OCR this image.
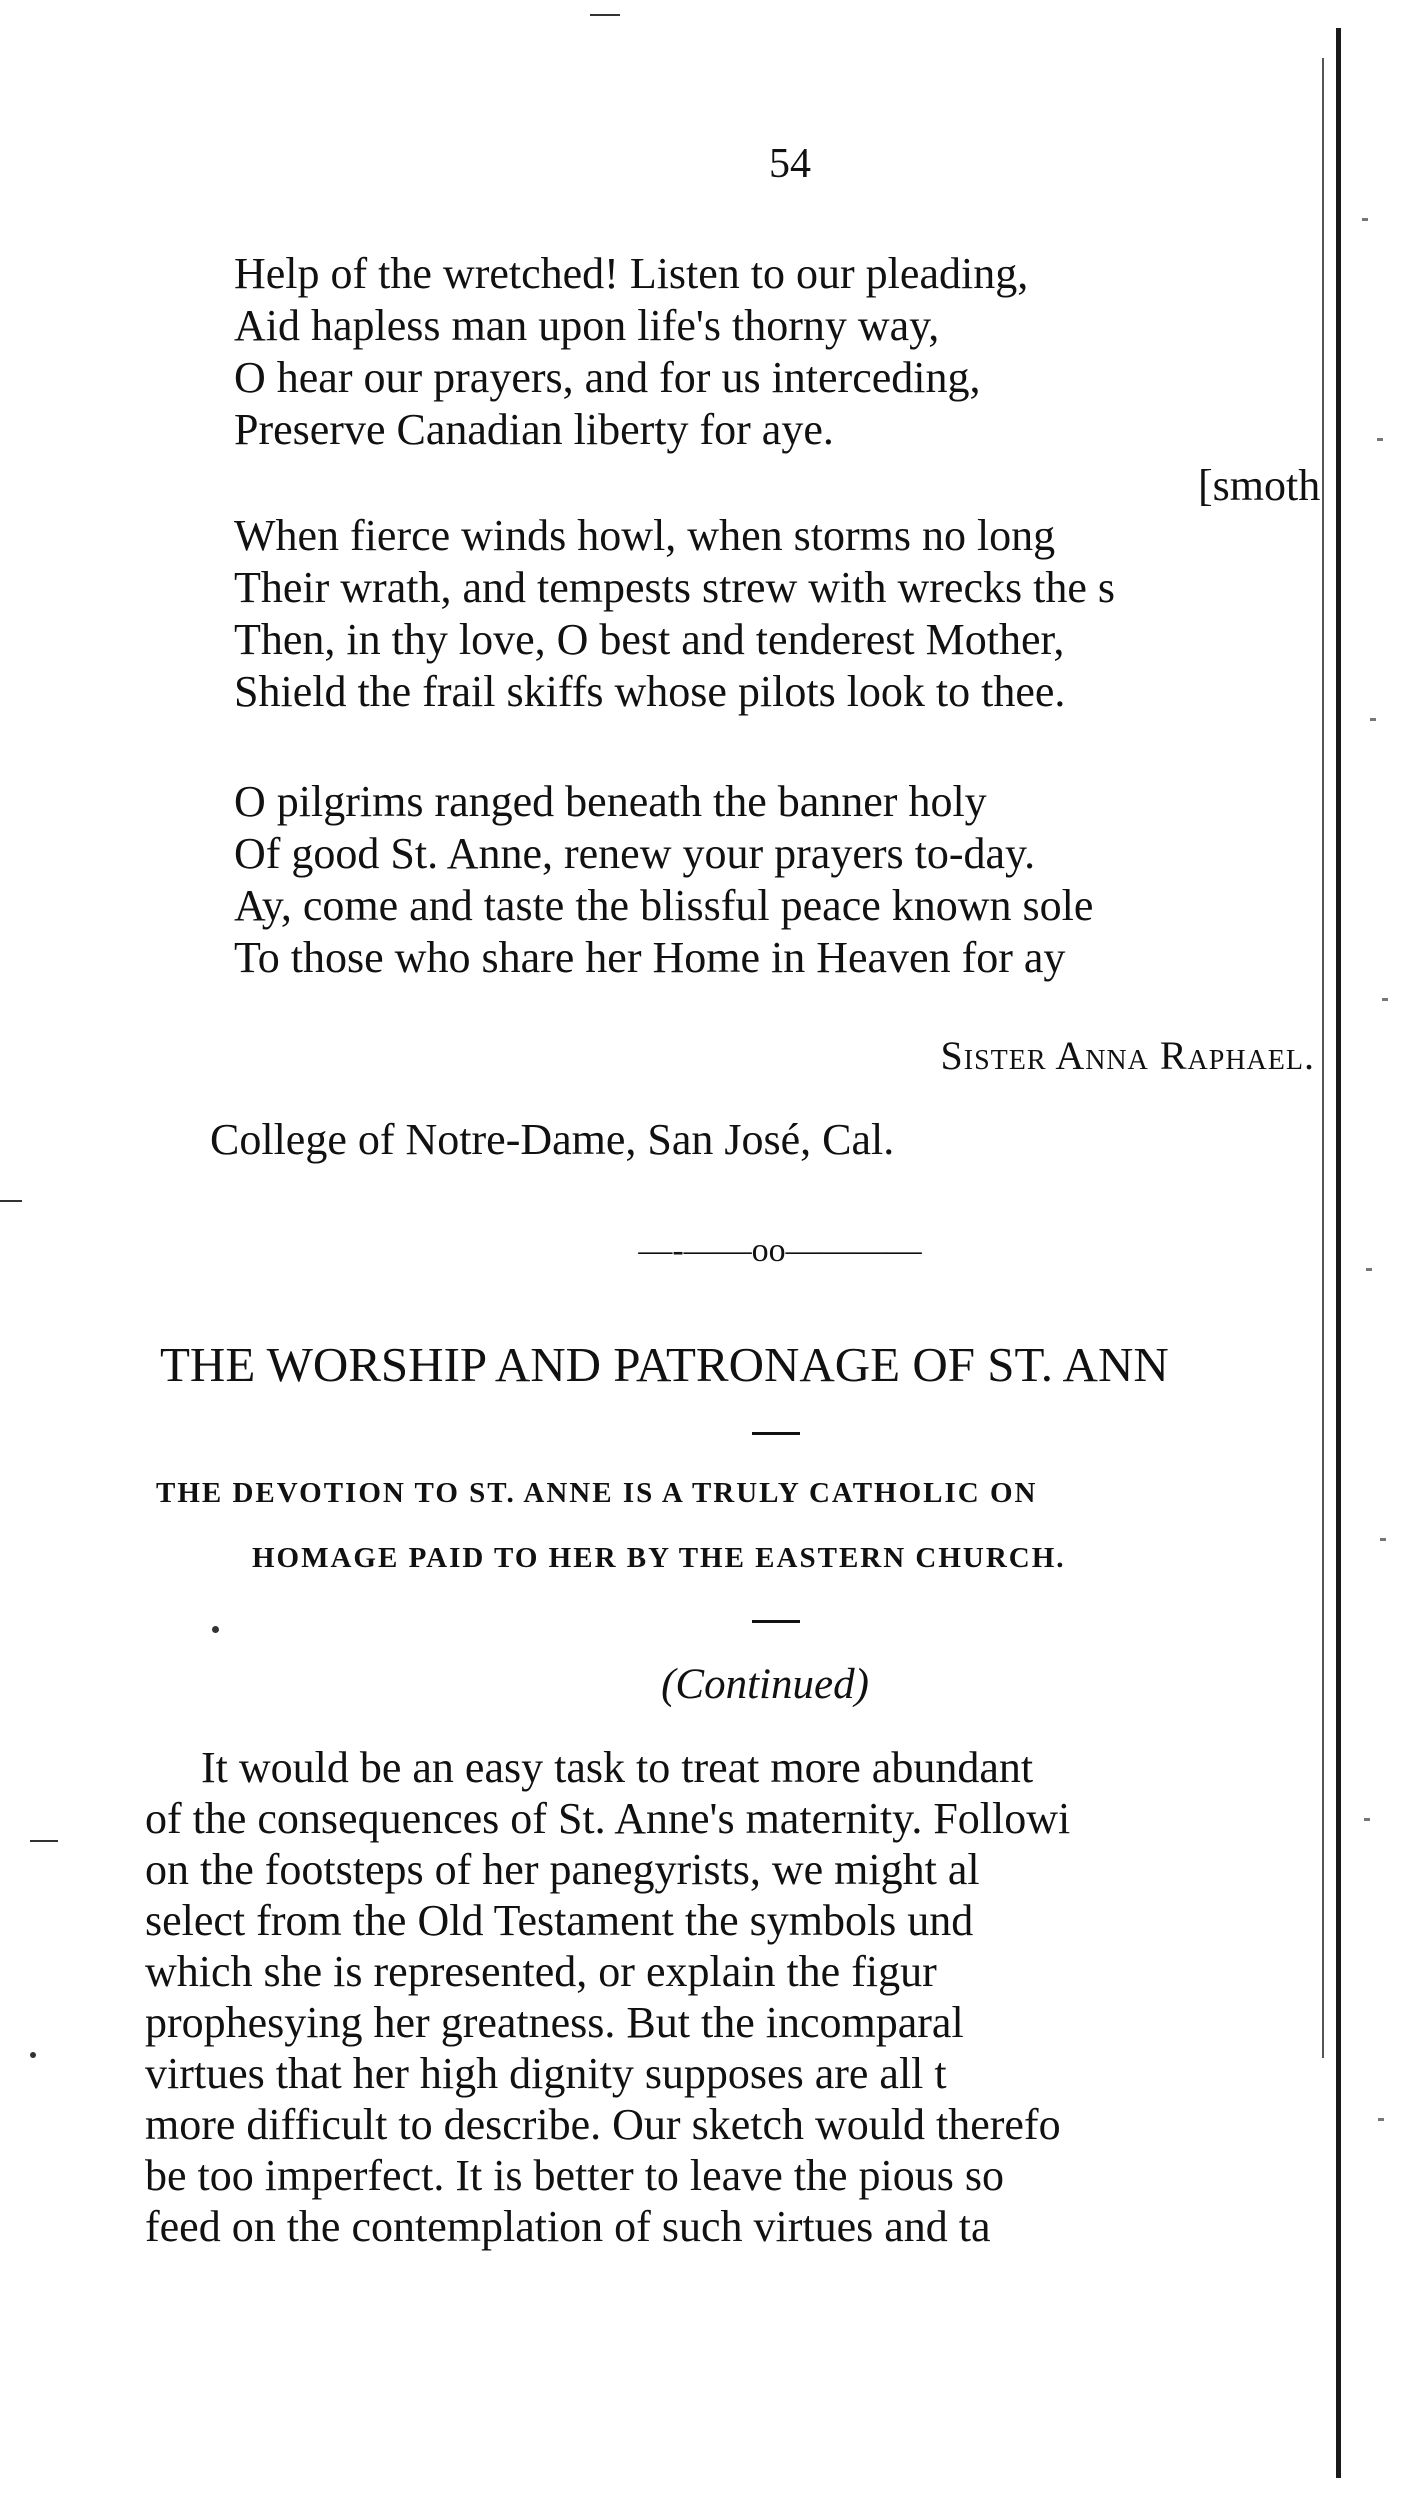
54
Help of the wretched! Listen to our pleading,
Aid hapless man upon life's thorny way,
O hear our prayers, and for us interceding,
Preserve Canadian liberty for aye.
[smoth
When fierce winds howl, when storms no long
Their wrath, and tempests strew with wrecks the s
Then, in thy love, O best and tenderest Mother,
Shield the frail skiffs whose pilots look to thee.
O pilgrims ranged beneath the banner holy
Of good St. Anne, renew your prayers to-day.
Ay, come and taste the blissful peace known sole
To those who share her Home in Heaven for ay
Sister Anna Raphael.
College of Notre-Dame, San José, Cal.
—-——oo————
THE WORSHIP AND PATRONAGE OF ST. ANN
THE DEVOTION TO ST. ANNE IS A TRULY CATHOLIC ON
HOMAGE PAID TO HER BY THE EASTERN CHURCH.
(Continued)
It would be an easy task to treat more abundant
of the consequences of St. Anne's maternity. Followi
on the footsteps of her panegyrists, we might al
select from the Old Testament the symbols und
which she is represented, or explain the figur
prophesying her greatness. But the incomparal
virtues that her high dignity supposes are all t
more difficult to describe. Our sketch would therefo
be too imperfect. It is better to leave the pious so
feed on the contemplation of such virtues and ta
